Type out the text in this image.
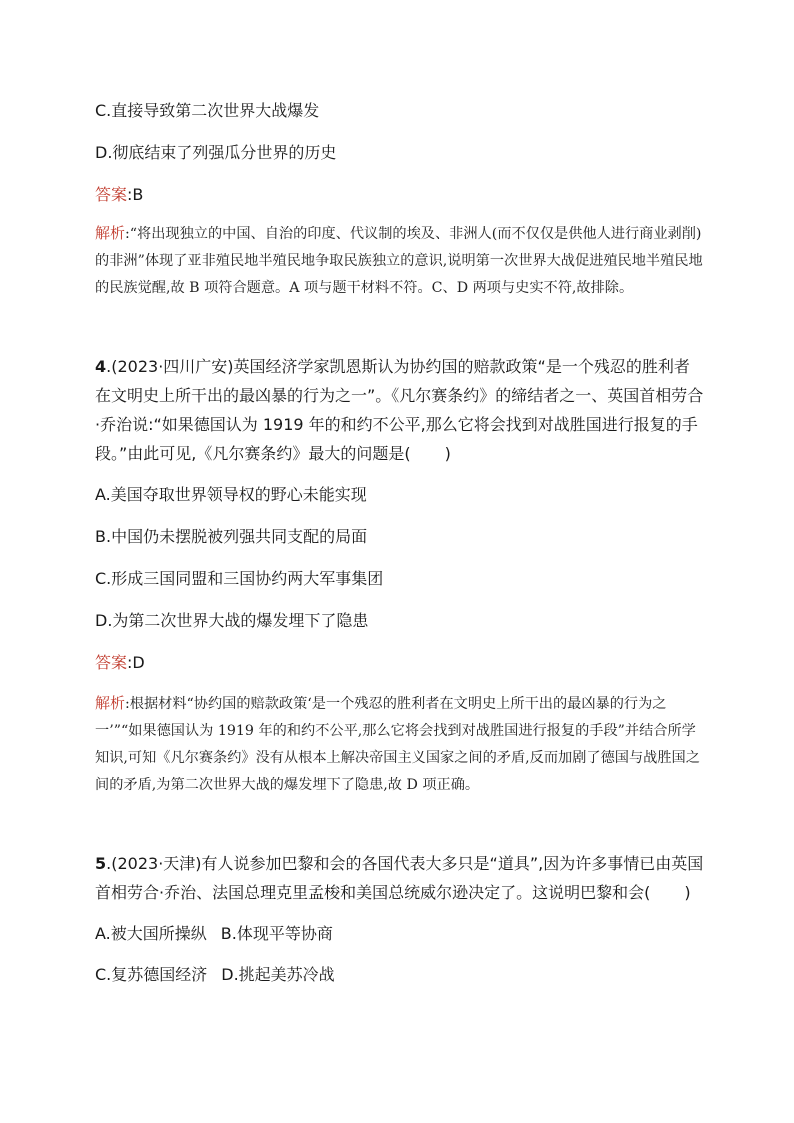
C.直接导致第二次世界大战爆发
D.彻底结束了列强瓜分世界的历史
答案:B
解析:“将出现独立的中国、自治的印度、代议制的埃及、非洲人(而不仅仅是供他人进行商业剥削)的非洲”体现了亚非殖民地半殖民地争取民族独立的意识,说明第一次世界大战促进殖民地半殖民地的民族觉醒,故 B 项符合题意。A 项与题干材料不符。C、D 两项与史实不符,故排除。
4.(2023·四川广安)英国经济学家凯恩斯认为协约国的赔款政策“是一个残忍的胜利者在文明史上所干出的最凶暴的行为之一”。《凡尔赛条约》的缔结者之一、英国首相劳合·乔治说:“如果德国认为 1919 年的和约不公平,那么它将会找到对战胜国进行报复的手段。”由此可见,《凡尔赛条约》最大的问题是( )
A.美国夺取世界领导权的野心未能实现
B.中国仍未摆脱被列强共同支配的局面
C.形成三国同盟和三国协约两大军事集团
D.为第二次世界大战的爆发埋下了隐患
答案:D
解析:根据材料“协约国的赔款政策‘是一个残忍的胜利者在文明史上所干出的最凶暴的行为之一’”“如果德国认为 1919 年的和约不公平,那么它将会找到对战胜国进行报复的手段”并结合所学知识,可知《凡尔赛条约》没有从根本上解决帝国主义国家之间的矛盾,反而加剧了德国与战胜国之间的矛盾,为第二次世界大战的爆发埋下了隐患,故 D 项正确。
5.(2023·天津)有人说参加巴黎和会的各国代表大多只是“道具”,因为许多事情已由英国首相劳合·乔治、法国总理克里孟梭和美国总统威尔逊决定了。这说明巴黎和会( )
A.被大国所操纵 B.体现平等协商
C.复苏德国经济 D.挑起美苏冷战
